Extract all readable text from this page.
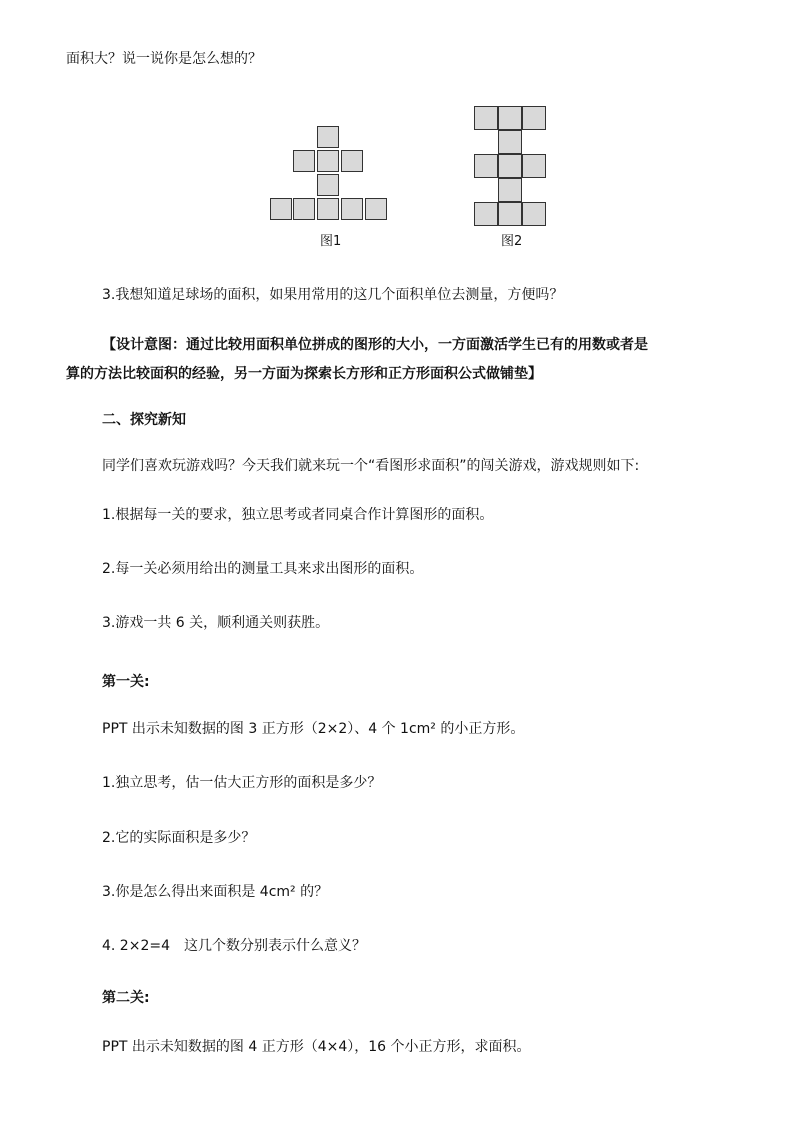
面积大？说一说你是怎么想的？
图1	图2
3.我想知道足球场的面积，如果用常用的这几个面积单位去测量，方便吗？
【设计意图：通过比较用面积单位拼成的图形的大小，一方面激活学生已有的用数或者是
算的方法比较面积的经验，另一方面为探索长方形和正方形面积公式做铺垫】
二、探究新知
同学们喜欢玩游戏吗？今天我们就来玩一个“看图形求面积”的闯关游戏，游戏规则如下:
1.根据每一关的要求，独立思考或者同桌合作计算图形的面积。
2.每一关必须用给出的测量工具来求出图形的面积。
3.游戏一共 6 关，顺利通关则获胜。
第一关:
PPT 出示未知数据的图 3 正方形（2×2）、4 个 1cm² 的小正方形。
1.独立思考，估一估大正方形的面积是多少？
2.它的实际面积是多少？
3.你是怎么得出来面积是 4cm² 的？
4. 2×2=4　这几个数分别表示什么意义？
第二关:
PPT 出示未知数据的图 4 正方形（4×4），16 个小正方形，求面积。
